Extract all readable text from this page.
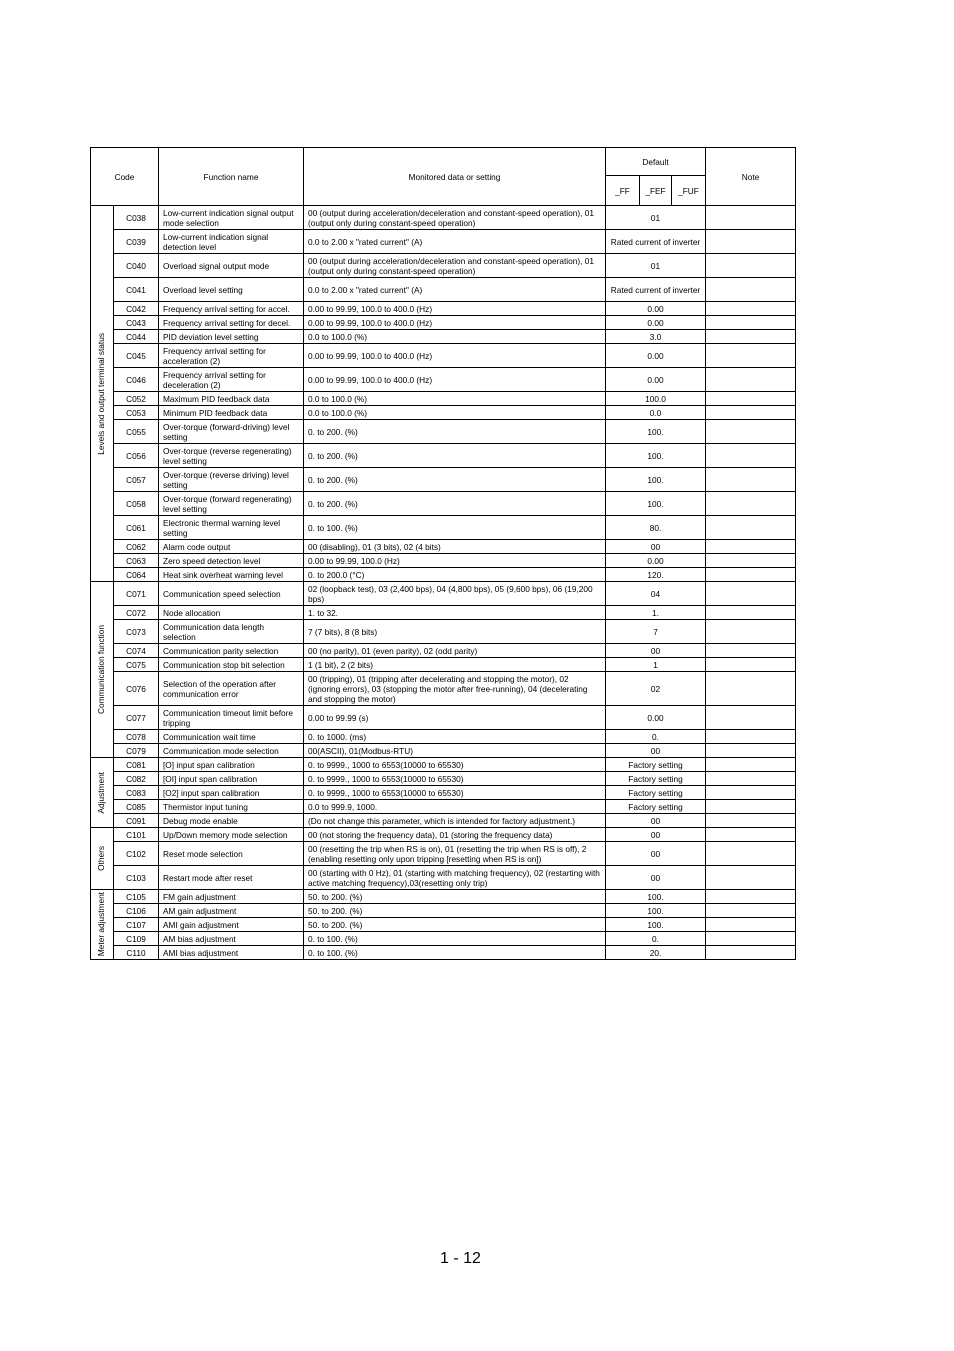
Code		Function name	Monitored data or setting	Default			Note
				_FF	_FEF	_FUF	

Levels and output terminal status	C038	Low-current indication signal output mode selection	00 (output during acceleration/deceleration and constant-speed operation), 01 (output only during constant-speed operation)	01			
	C039	Low-current indication signal detection level	0.0 to 2.00 x "rated current" (A)	Rated current of inverter			
	C040	Overload signal output mode	00 (output during acceleration/deceleration and constant-speed operation), 01 (output only during constant-speed operation)	01			
	C041	Overload level setting	0.0 to 2.00 x "rated current" (A)	Rated current of inverter			
	C042	Frequency arrival setting for accel.	0.00 to 99.99, 100.0 to 400.0 (Hz)	0.00			
	C043	Frequency arrival setting for decel.	0.00 to 99.99, 100.0 to 400.0 (Hz)	0.00			
	C044	PID deviation level setting	0.0 to 100.0 (%)	3.0			
	C045	Frequency arrival setting for acceleration (2)	0.00 to 99.99, 100.0 to 400.0 (Hz)	0.00			
	C046	Frequency arrival setting for deceleration (2)	0.00 to 99.99, 100.0 to 400.0 (Hz)	0.00			
	C052	Maximum PID feedback data	0.0 to 100.0 (%)	100.0			
	C053	Minimum PID feedback data	0.0 to 100.0 (%)	0.0			
	C055	Over-torque (forward-driving) level setting	0. to 200. (%)	100.			
	C056	Over-torque (reverse regenerating) level setting	0. to 200. (%)	100.			
	C057	Over-torque (reverse driving) level setting	0. to 200. (%)	100.			
	C058	Over-torque (forward regenerating) level setting	0. to 200. (%)	100.			
	C061	Electronic thermal warning level setting	0. to 100. (%)	80.			
	C062	Alarm code output	00 (disabling), 01 (3 bits), 02 (4 bits)	00			
	C063	Zero speed detection level	0.00 to 99.99, 100.0 (Hz)	0.00			
	C064	Heat sink overheat warning level	0. to 200.0 (°C)	120.			

Communication function	C071	Communication speed selection	02 (loopback test), 03 (2,400 bps), 04 (4,800 bps), 05 (9,600 bps), 06 (19,200 bps)	04			
	C072	Node allocation	1. to 32.	1.			
	C073	Communication data length selection	7 (7 bits), 8 (8 bits)	7			
	C074	Communication parity selection	00 (no parity), 01 (even parity), 02 (odd parity)	00			
	C075	Communication stop bit selection	1 (1 bit), 2 (2 bits)	1			
	C076	Selection of the operation after communication error	00 (tripping), 01 (tripping after decelerating and stopping the motor), 02 (ignoring errors), 03 (stopping the motor after free-running), 04 (decelerating and stopping the motor)	02			
	C077	Communication timeout limit before tripping	0.00 to 99.99 (s)	0.00			
	C078	Communication wait time	0. to 1000. (ms)	0.			
	C079	Communication mode selection	00(ASCII), 01(Modbus-RTU)	00			

Adjustment	C081	[O] input span calibration	0. to 9999., 1000 to 6553(10000 to 65530)	Factory setting			
	C082	[OI] input span calibration	0. to 9999., 1000 to 6553(10000 to 65530)	Factory setting			
	C083	[O2] input span calibration	0. to 9999., 1000 to 6553(10000 to 65530)	Factory setting			
	C085	Thermistor input tuning	0.0 to 999.9, 1000.	Factory setting			
	C091	Debug mode enable	(Do not change this parameter, which is intended for factory adjustment.)	00			

Others	C101	Up/Down memory mode selection	00 (not storing the frequency data), 01 (storing the frequency data)	00			
	C102	Reset mode selection	00 (resetting the trip when RS is on), 01 (resetting the trip when RS is off), 2 (enabling resetting only upon tripping [resetting when RS is on])	00			
	C103	Restart mode after reset	00 (starting with 0 Hz), 01 (starting with matching frequency), 02 (restarting with active matching frequency),03(resetting only trip)	00			

Meter adjustment	C105	FM gain adjustment	50. to 200. (%)	100.			
	C106	AM gain adjustment	50. to 200. (%)	100.			
	C107	AMI gain adjustment	50. to 200. (%)	100.			
	C109	AM bias adjustment	0. to 100. (%)	0.			
	C110	AMI bias adjustment	0. to 100. (%)	20.			
1 - 12
